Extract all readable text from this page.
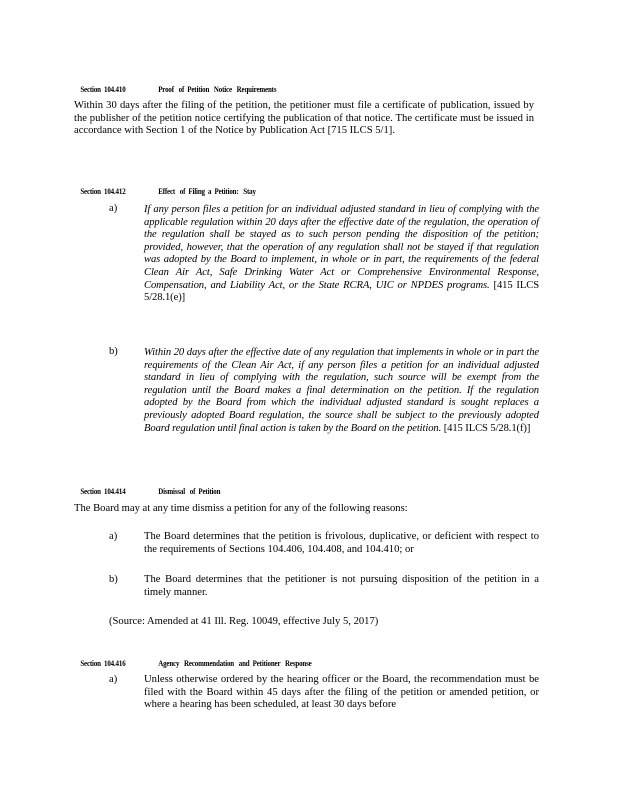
Section  104.410	Proof   of  Petition   Notice   Requirements

Within 30 days after the filing of the petition, the petitioner must file a certificate of publication, issued by the publisher of the petition notice certifying the publication of that notice. The certificate must be issued in accordance with Section 1 of the Notice by Publication Act [715 ILCS 5/1].

Section  104.412	Effect   of  Filing  a  Petition:   Stay

a)	If any person files a petition for an individual adjusted standard in lieu of complying with the applicable regulation within 20 days after the effective date of the regulation, the operation of the regulation shall be stayed as to such person pending the disposition of the petition; provided, however, that the operation of any regulation shall not be stayed if that regulation was adopted by the Board to implement, in whole or in part, the requirements of the federal Clean Air Act, Safe Drinking Water Act or Comprehensive Environmental Response, Compensation, and Liability Act, or the State RCRA, UIC or NPDES programs. [415 ILCS 5/28.1(e)]
b) Within 20 days after the effective date of any regulation that implements in whole or in part the requirements of the Clean Air Act, if any person files a petition for an individual adjusted standard in lieu of complying with the regulation, such source will be exempt from the regulation until the Board makes a final determination on the petition. If the regulation adopted by the Board from which the individual adjusted standard is sought replaces a previously adopted Board regulation, the source shall be subject to the previously adopted Board regulation until final action is taken by the Board on the petition. [415 ILCS 5/28.1(f)]

Section  104.414	Dismissal   of  Petition

The Board may at any time dismiss a petition for any of the following reasons:
a)	The Board determines that the petition is frivolous, duplicative, or deficient with respect to the requirements of Sections 104.406, 104.408, and 104.410; or
b) The Board determines that the petitioner is not pursuing disposition of the petition in a timely manner.
(Source: Amended at 41 Ill. Reg. 10049, effective July 5, 2017)

Section  104.416	Agency   Recommendation   and  Petitioner   Response

a)	Unless otherwise ordered by the hearing officer or the Board, the recommendation must be filed with the Board within 45 days after the filing of the petition or amended petition, or where a hearing has been scheduled, at least 30 days before
